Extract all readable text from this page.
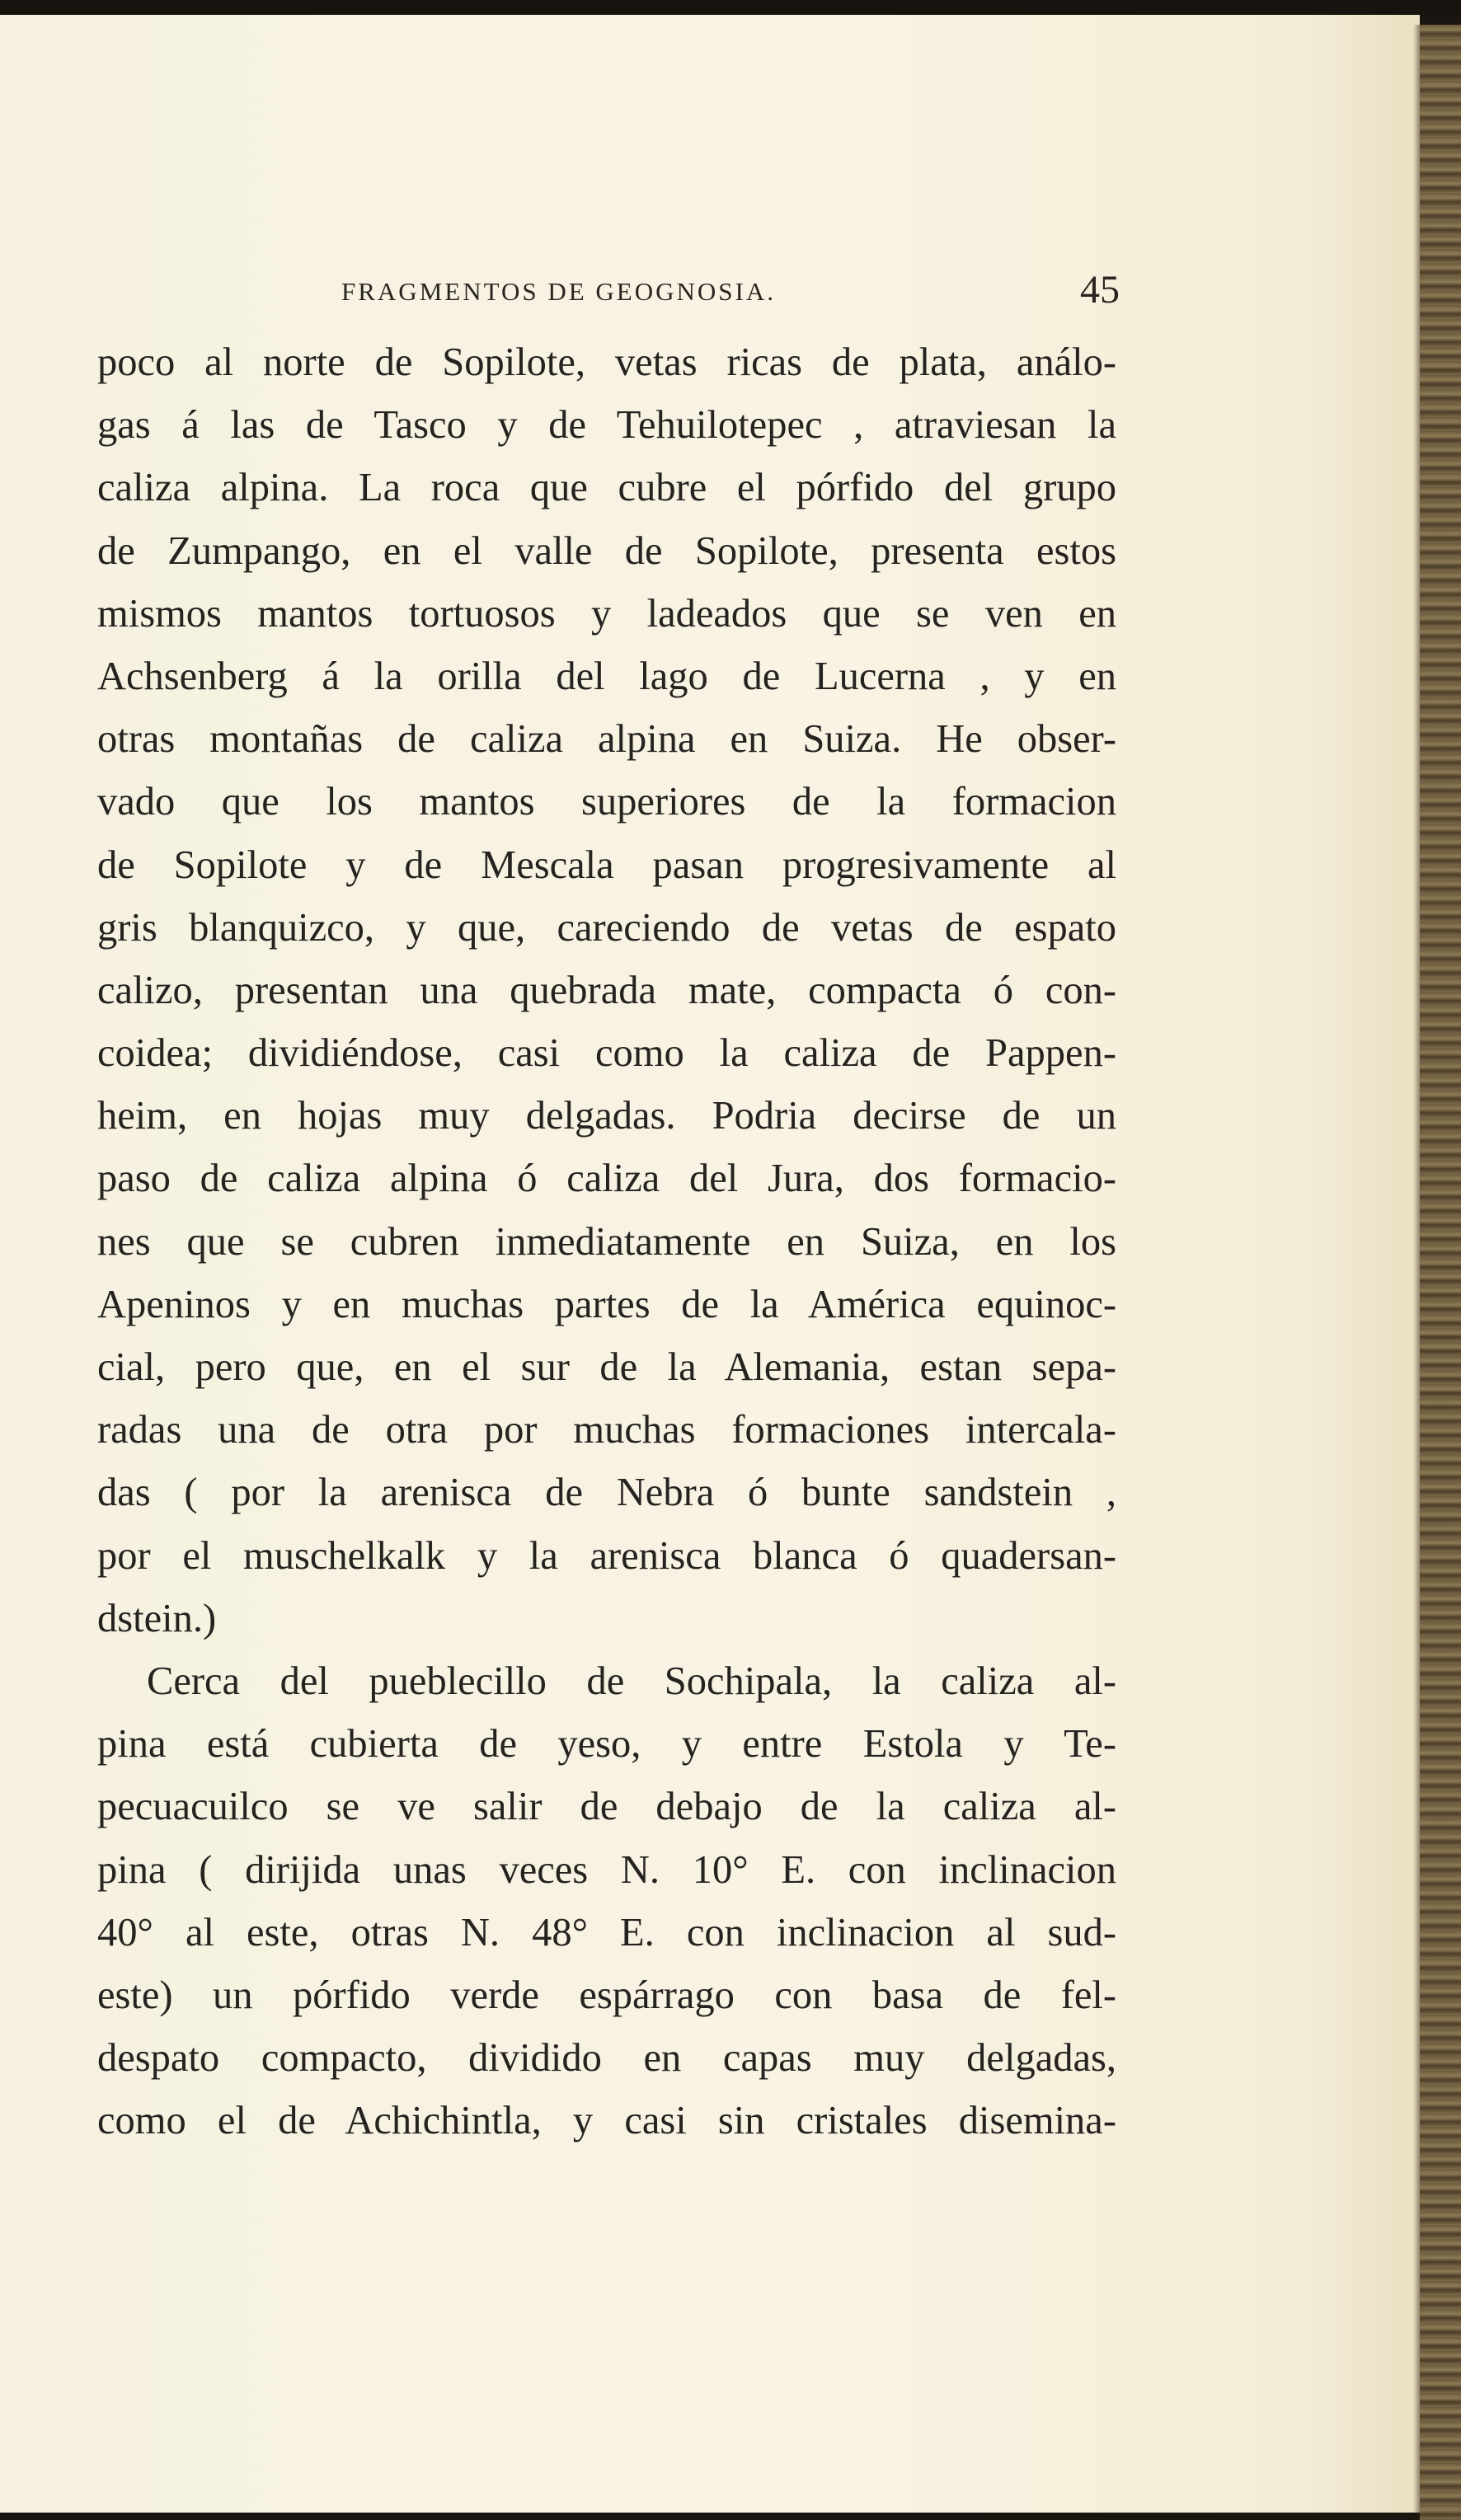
FRAGMENTOS DE GEOGNOSIA.	45
poco al norte de Sopilote, vetas ricas de plata, análo-
gas á las de Tasco y de Tehuilotepec , atraviesan la
caliza alpina. La roca que cubre el pórfido del grupo
de Zumpango, en el valle de Sopilote, presenta estos
mismos mantos tortuosos y ladeados que se ven en
Achsenberg á la orilla del lago de Lucerna , y en
otras montañas de caliza alpina en Suiza. He obser-
vado que los mantos superiores de la formacion
de Sopilote y de Mescala pasan progresivamente al
gris blanquizco, y que, careciendo de vetas de espato
calizo, presentan una quebrada mate, compacta ó con-
coidea; dividiéndose, casi como la caliza de Pappen-
heim, en hojas muy delgadas. Podria decirse de un
paso de caliza alpina ó caliza del Jura, dos formacio-
nes que se cubren inmediatamente en Suiza, en los
Apeninos y en muchas partes de la América equinoc-
cial, pero que, en el sur de la Alemania, estan sepa-
radas una de otra por muchas formaciones intercala-
das ( por la arenisca de Nebra ó bunte sandstein ,
por el muschelkalk y la arenisca blanca ó quadersan-
dstein.)
Cerca del pueblecillo de Sochipala, la caliza al-
pina está cubierta de yeso, y entre Estola y Te-
pecuacuilco se ve salir de debajo de la caliza al-
pina ( dirijida unas veces N. 10° E. con inclinacion
40° al este, otras N. 48° E. con inclinacion al sud-
este) un pórfido verde espárrago con basa de fel-
despato compacto, dividido en capas muy delgadas,
como el de Achichintla, y casi sin cristales disemina-
